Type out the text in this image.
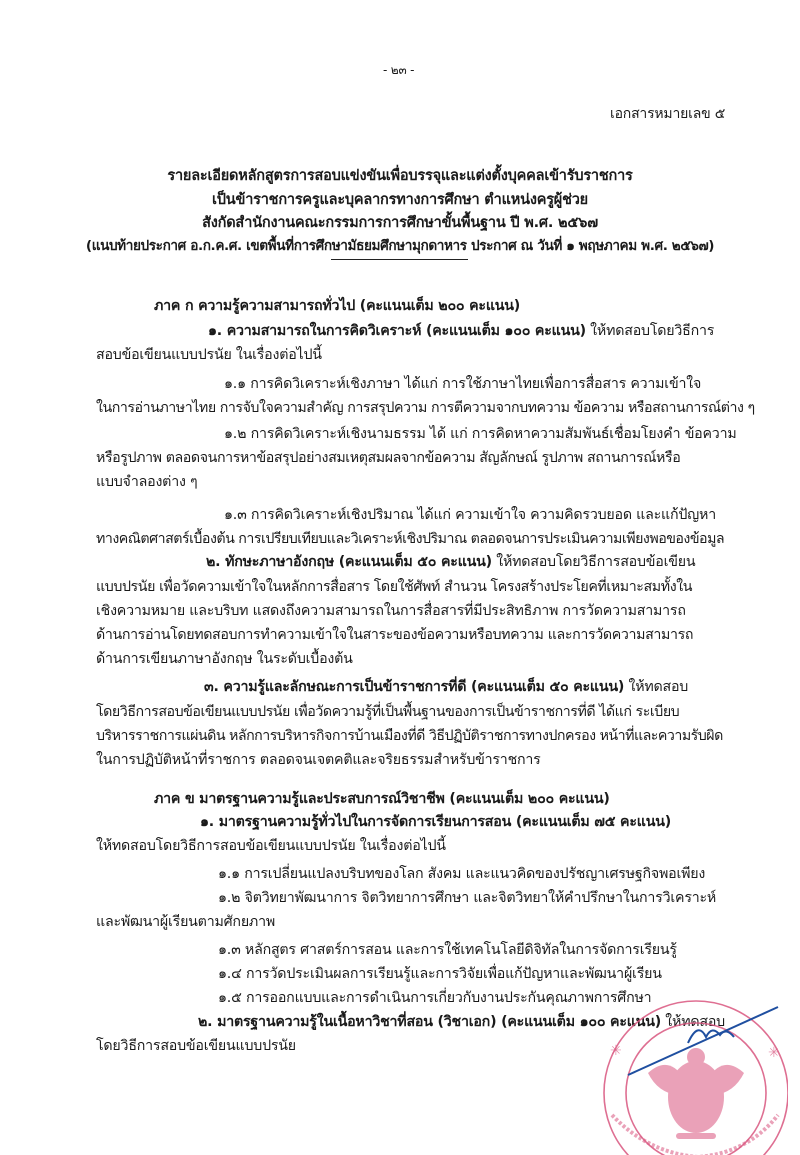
- ๒๓ -
เอกสารหมายเลข ๕
รายละเอียดหลักสูตรการสอบแข่งขันเพื่อบรรจุและแต่งตั้งบุคคลเข้ารับราชการ
เป็นข้าราชการครูและบุคลากรทางการศึกษา ตำแหน่งครูผู้ช่วย
สังกัดสำนักงานคณะกรรมการการศึกษาขั้นพื้นฐาน ปี พ.ศ. ๒๕๖๗
(แนบท้ายประกาศ อ.ก.ค.ศ. เขตพื้นที่การศึกษามัธยมศึกษามุกดาหาร ประกาศ ณ วันที่ ๑ พฤษภาคม พ.ศ. ๒๕๖๗)
ภาค ก ความรู้ความสามารถทั่วไป (คะแนนเต็ม ๒๐๐ คะแนน)
๑. ความสามารถในการคิดวิเคราะห์ (คะแนนเต็ม ๑๐๐ คะแนน) ให้ทดสอบโดยวิธีการ
สอบข้อเขียนแบบปรนัย ในเรื่องต่อไปนี้
๑.๑ การคิดวิเคราะห์เชิงภาษา ได้แก่ การใช้ภาษาไทยเพื่อการสื่อสาร ความเข้าใจ
ในการอ่านภาษาไทย การจับใจความสำคัญ การสรุปความ การตีความจากบทความ ข้อความ หรือสถานการณ์ต่าง ๆ
๑.๒ การคิดวิเคราะห์เชิงนามธรรม ได้ แก่ การคิดหาความสัมพันธ์เชื่อมโยงคำ ข้อความ
หรือรูปภาพ ตลอดจนการหาข้อสรุปอย่างสมเหตุสมผลจากข้อความ สัญลักษณ์ รูปภาพ สถานการณ์หรือ
แบบจำลองต่าง ๆ
๑.๓ การคิดวิเคราะห์เชิงปริมาณ ได้แก่ ความเข้าใจ ความคิดรวบยอด และแก้ปัญหา
ทางคณิตศาสตร์เบื้องต้น การเปรียบเทียบและวิเคราะห์เชิงปริมาณ ตลอดจนการประเมินความเพียงพอของข้อมูล
๒. ทักษะภาษาอังกฤษ (คะแนนเต็ม ๕๐ คะแนน) ให้ทดสอบโดยวิธีการสอบข้อเขียน
แบบปรนัย เพื่อวัดความเข้าใจในหลักการสื่อสาร โดยใช้ศัพท์ สำนวน โครงสร้างประโยคที่เหมาะสมทั้งใน
เชิงความหมาย และบริบท แสดงถึงความสามารถในการสื่อสารที่มีประสิทธิภาพ การวัดความสามารถ
ด้านการอ่านโดยทดสอบการทำความเข้าใจในสาระของข้อความหรือบทความ และการวัดความสามารถ
ด้านการเขียนภาษาอังกฤษ ในระดับเบื้องต้น
๓. ความรู้และลักษณะการเป็นข้าราชการที่ดี (คะแนนเต็ม ๕๐ คะแนน) ให้ทดสอบ
โดยวิธีการสอบข้อเขียนแบบปรนัย เพื่อวัดความรู้ที่เป็นพื้นฐานของการเป็นข้าราชการที่ดี ได้แก่ ระเบียบ
บริหารราชการแผ่นดิน หลักการบริหารกิจการบ้านเมืองที่ดี วิธีปฏิบัติราชการทางปกครอง หน้าที่และความรับผิด
ในการปฏิบัติหน้าที่ราชการ ตลอดจนเจตคติและจริยธรรมสำหรับข้าราชการ
ภาค ข มาตรฐานความรู้และประสบการณ์วิชาชีพ (คะแนนเต็ม ๒๐๐ คะแนน)
๑. มาตรฐานความรู้ทั่วไปในการจัดการเรียนการสอน (คะแนนเต็ม ๗๕ คะแนน)
ให้ทดสอบโดยวิธีการสอบข้อเขียนแบบปรนัย ในเรื่องต่อไปนี้
๑.๑ การเปลี่ยนแปลงบริบทของโลก สังคม และแนวคิดของปรัชญาเศรษฐกิจพอเพียง
๑.๒ จิตวิทยาพัฒนาการ จิตวิทยาการศึกษา และจิตวิทยาให้คำปรึกษาในการวิเคราะห์
และพัฒนาผู้เรียนตามศักยภาพ
๑.๓ หลักสูตร ศาสตร์การสอน และการใช้เทคโนโลยีดิจิทัลในการจัดการเรียนรู้
๑.๔ การวัดประเมินผลการเรียนรู้และการวิจัยเพื่อแก้ปัญหาและพัฒนาผู้เรียน
๑.๕ การออกแบบและการดำเนินการเกี่ยวกับงานประกันคุณภาพการศึกษา
๒. มาตรฐานความรู้ในเนื้อหาวิชาที่สอน (วิชาเอก) (คะแนนเต็ม ๑๐๐ คะแนน) ให้ทดสอบ
โดยวิธีการสอบข้อเขียนแบบปรนัย	✳	✳
